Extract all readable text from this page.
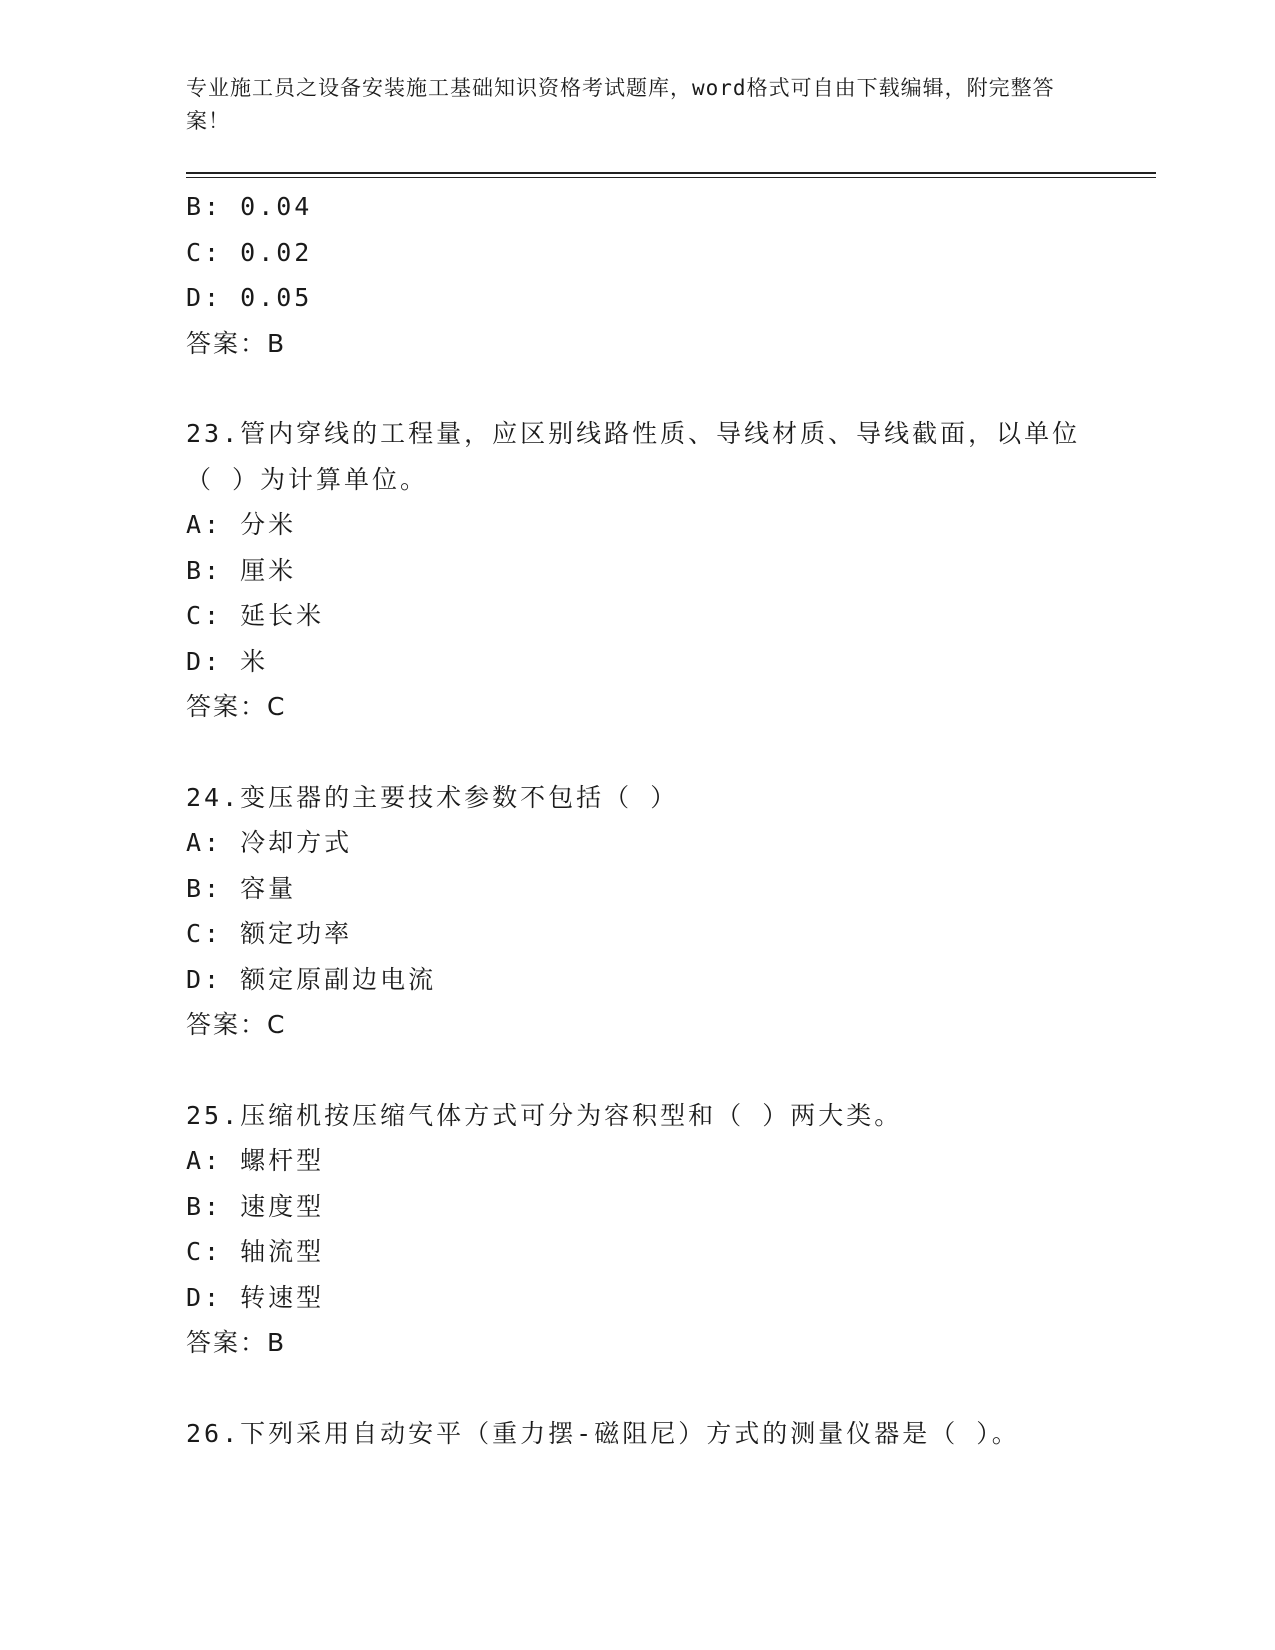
专业施工员之设备安装施工基础知识资格考试题库，word格式可自由下载编辑，附完整答案！
B: 0.04
C: 0.02
D: 0.05
答案：B
23.管内穿线的工程量，应区别线路性质、导线材质、导线截面，以单位（ ）为计算单位。
A: 分米
B: 厘米
C: 延长米
D: 米
答案：C
24.变压器的主要技术参数不包括（ ）
A: 冷却方式
B: 容量
C: 额定功率
D: 额定原副边电流
答案：C
25.压缩机按压缩气体方式可分为容积型和（ ）两大类。
A: 螺杆型
B: 速度型
C: 轴流型
D: 转速型
答案：B
26.下列采用自动安平（重力摆-磁阻尼）方式的测量仪器是（ ）。
